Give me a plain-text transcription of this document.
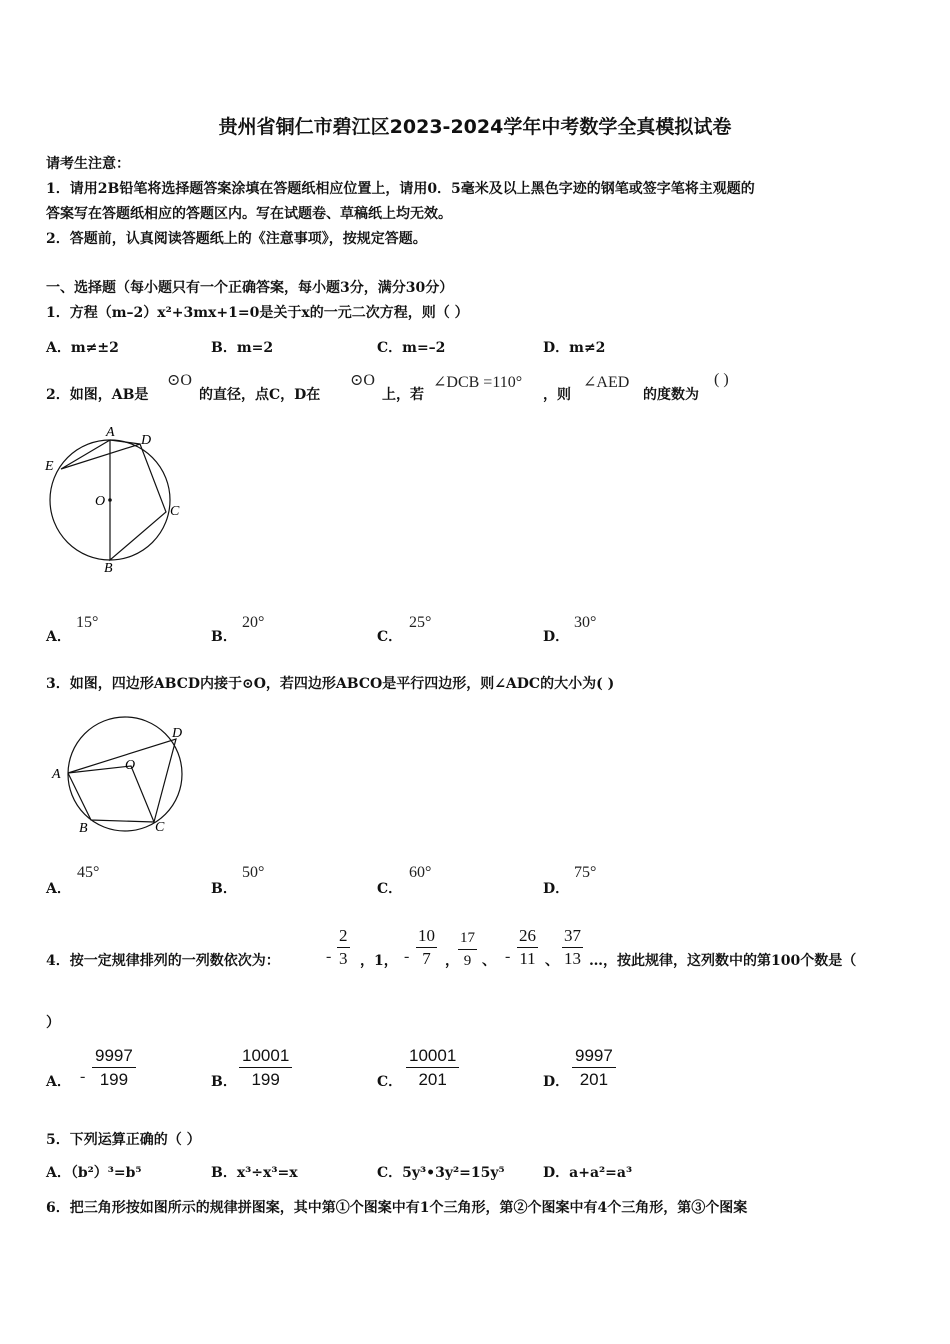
贵州省铜仁市碧江区2023-2024学年中考数学全真模拟试卷
请考生注意：
1．请用2B铅笔将选择题答案涂填在答题纸相应位置上，请用0．5毫米及以上黑色字迹的钢笔或签字笔将主观题的
答案写在答题纸相应的答题区内。写在试题卷、草稿纸上均无效。
2．答题前，认真阅读答题纸上的《注意事项》，按规定答题。
一、选择题（每小题只有一个正确答案，每小题3分，满分30分）
1．方程（m–2）x²+3mx+1=0是关于x的一元二次方程，则（ ）
A．m≠±2	B．m=2	C．m=–2	D．m≠2
2．如图，AB是
⊙O
的直径，点C，D在
⊙O
上，若
∠DCB =110°
，则
∠AED
的度数为
( )
A
D
E
O
C
B
A．
15°
B．
20°
C．
25°
D．
30°
3．如图，四边形ABCD内接于⊙O，若四边形ABCO是平行四边形，则∠ADC的大小为( )
A
B	C
D
O
A．
45°
B．
50°
C．
60°
D．
75°
4．按一定规律排列的一列数依次为：	- $\frac{2}{3}$ ，1， - $\frac{10}{7}$ ， $\frac{17}{9}$ 、 - $\frac{26}{11}$ 、 $\frac{37}{13}$ …，按此规律，这列数中的第100个数是（
）
A． - $\frac{9997}{199}$	B． $\frac{10001}{199}$	C． $\frac{10001}{201}$	D． $\frac{9997}{201}$
5．下列运算正确的（ ）
A．（b²）³=b⁵	B．x³÷x³=x	C．5y³•3y²=15y⁵	D．a+a²=a³
6．把三角形按如图所示的规律拼图案，其中第①个图案中有1个三角形，第②个图案中有4个三角形，第③个图案
